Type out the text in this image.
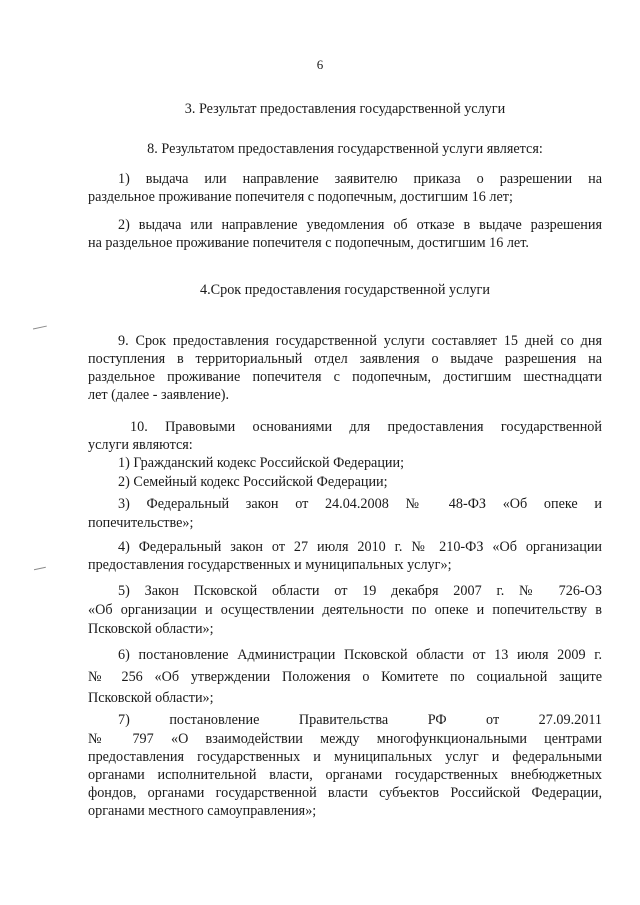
6
3. Результат предоставления государственной услуги
8. Результатом предоставления государственной услуги является:
1) выдача или направление заявителю приказа о разрешении на
раздельное проживание попечителя с подопечным, достигшим 16 лет;
2) выдача или направление уведомления об отказе в выдаче разрешения
на раздельное проживание попечителя с подопечным, достигшим 16 лет.
4.Срок предоставления государственной услуги
9. Срок предоставления государственной услуги составляет 15 дней со дня
поступления в территориальный отдел заявления о выдаче разрешения на
раздельное проживание попечителя с подопечным, достигшим шестнадцати
лет (далее - заявление).
10. Правовыми основаниями для предоставления государственной
услуги являются:
1) Гражданский кодекс Российской Федерации;
2) Семейный кодекс Российской Федерации;
3) Федеральный закон от 24.04.2008 № 48-ФЗ «Об опеке и
попечительстве»;
4) Федеральный закон от 27 июля 2010 г. № 210-ФЗ «Об организации
предоставления государственных и муниципальных услуг»;
5) Закон Псковской области от 19 декабря 2007 г. № 726-ОЗ
«Об организации и осуществлении деятельности по опеке и попечительству в
Псковской области»;
6) постановление Администрации Псковской области от 13 июля 2009 г.
№ 256 «Об утверждении Положения о Комитете по социальной защите
Псковской области»;
7) постановление Правительства РФ от 27.09.2011
№ 797 «О взаимодействии между многофункциональными центрами
предоставления государственных и муниципальных услуг и федеральными
органами исполнительной власти, органами государственных внебюджетных
фондов, органами государственной власти субъектов Российской Федерации,
органами местного самоуправления»;
